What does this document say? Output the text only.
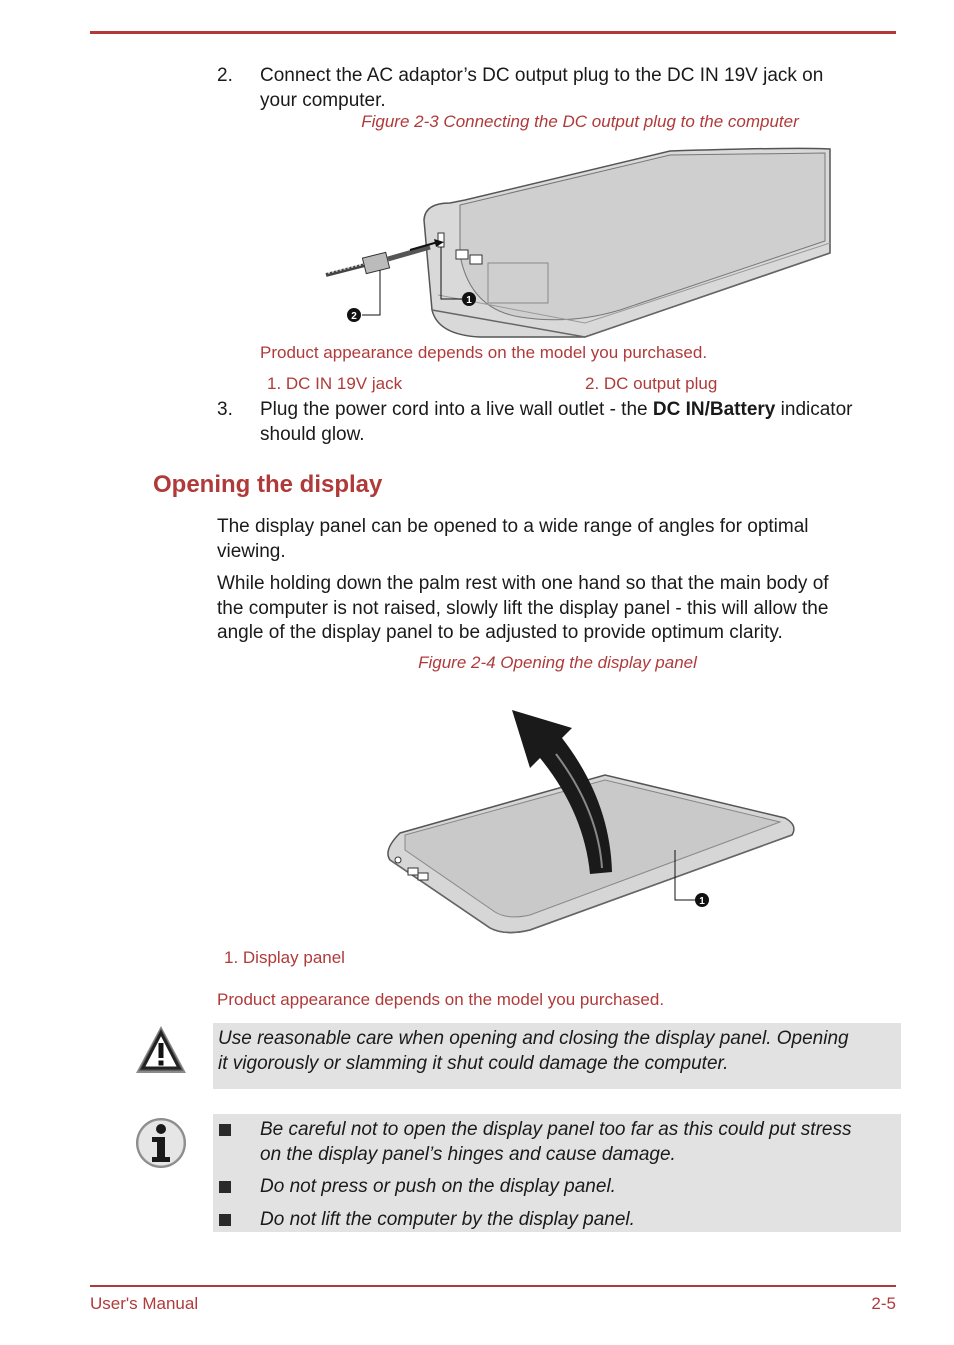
2. Connect the AC adaptor’s DC output plug to the DC IN 19V jack on
your computer.
Figure 2-3 Connecting the DC output plug to the computer
2
1
Product appearance depends on the model you purchased.
1. DC IN 19V jack	2. DC output plug
3. Plug the power cord into a live wall outlet - the DC IN/Battery indicator
should glow.
Opening the display
The display panel can be opened to a wide range of angles for optimal
viewing.
While holding down the palm rest with one hand so that the main body of
the computer is not raised, slowly lift the display panel - this will allow the
angle of the display panel to be adjusted to provide optimum clarity.
Figure 2-4 Opening the display panel
1
1. Display panel
Product appearance depends on the model you purchased.
Use reasonable care when opening and closing the display panel. Opening
it vigorously or slamming it shut could damage the computer.
Be careful not to open the display panel too far as this could put stress
on the display panel’s hinges and cause damage.
Do not press or push on the display panel.
Do not lift the computer by the display panel.
User's Manual	2-5
